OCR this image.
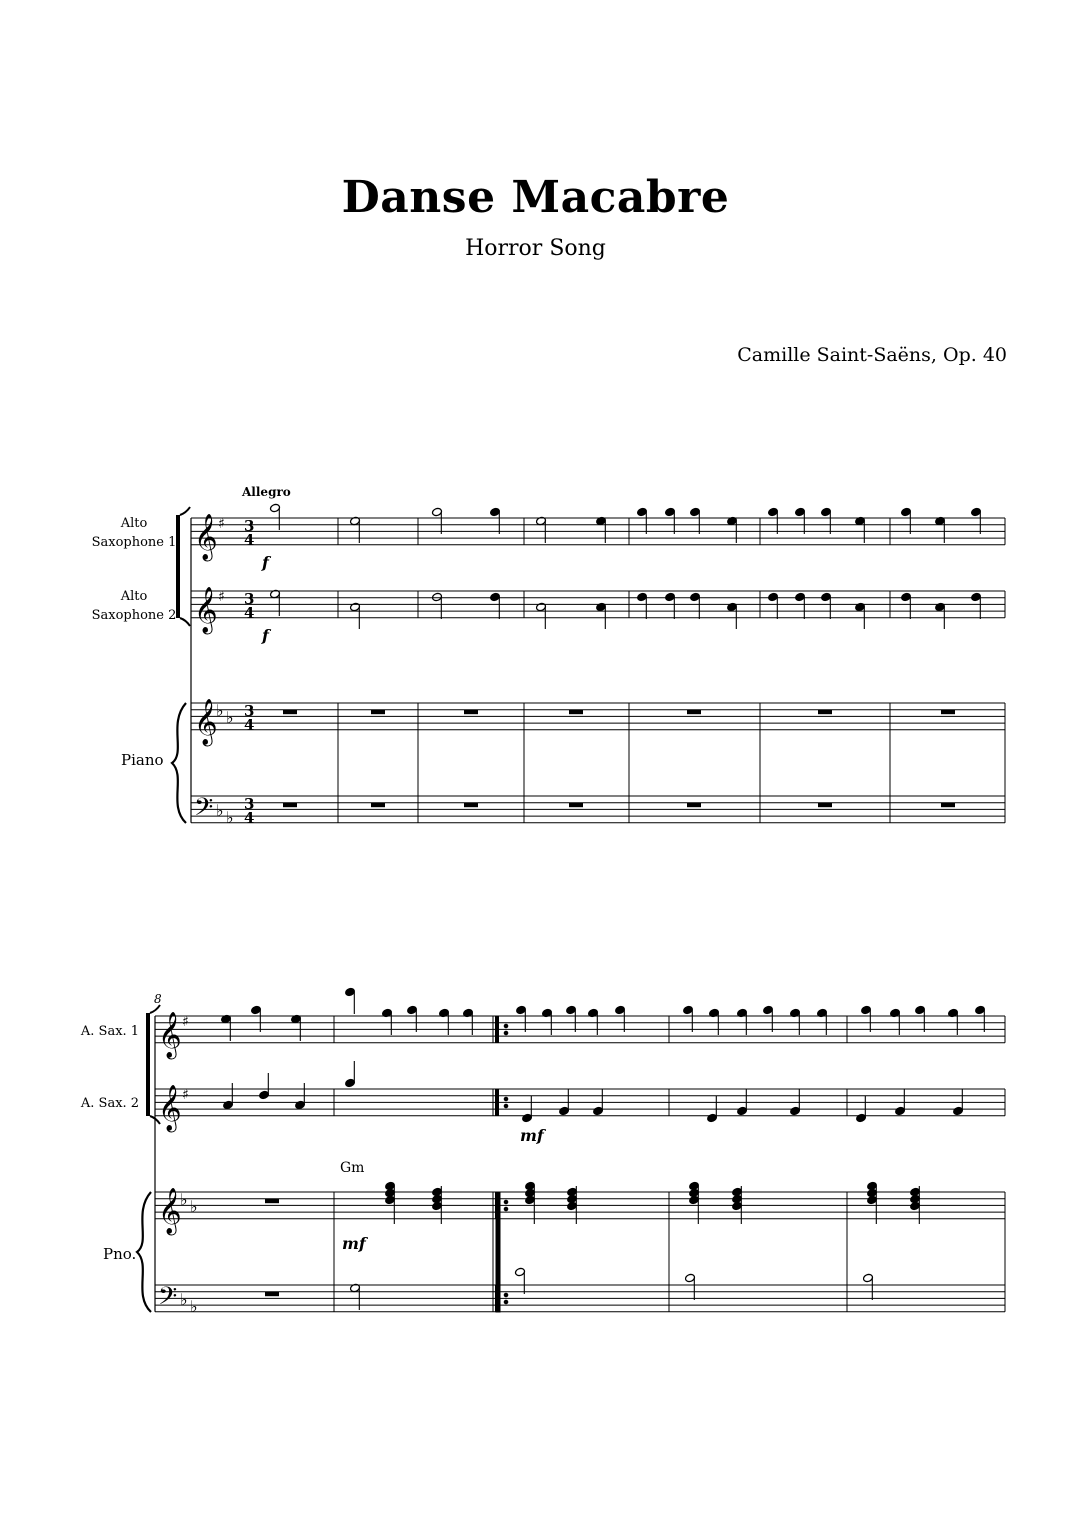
Danse Macabre
Horror Song
Camille Saint-Saëns, Op. 40
Allegro
Alto
Saxophone 1
Alto
Saxophone 2
Piano
f
f
8
A. Sax. 1
A. Sax. 2
Pno.
Gm
mf
mf
𝄞
𝄞
𝄞
𝄢
♯
♯
♭ ♭
♭ ♭
3
4
3
4
3
4
3
4
𝄞
𝄞
𝄞
𝄢
♯
♯
♭ ♭
♭ ♭
